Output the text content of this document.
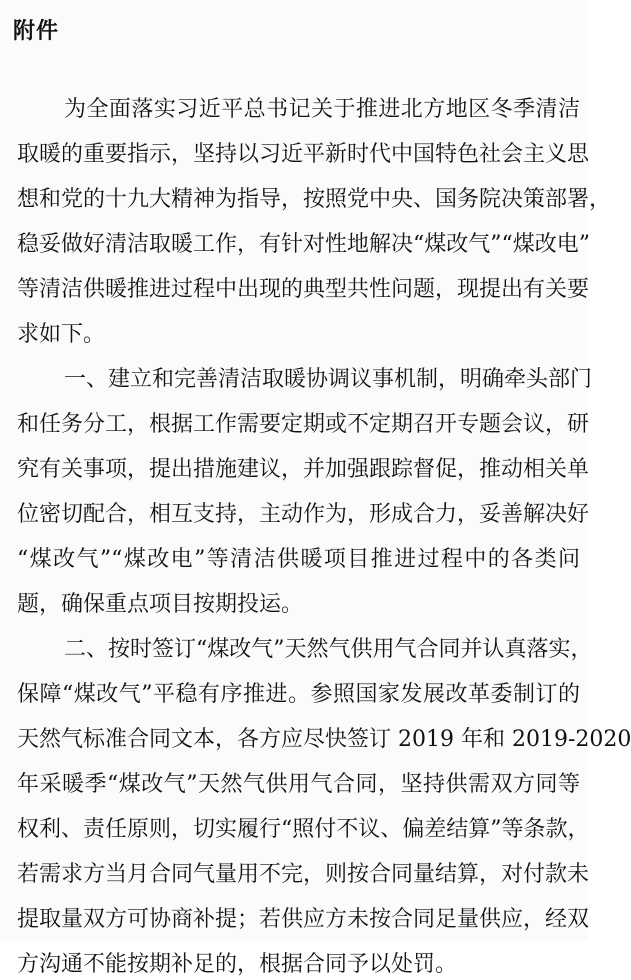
附件
为全面落实习近平总书记关于推进北方地区冬季清洁
取暖的重要指示，坚持以习近平新时代中国特色社会主义思
想和党的十九大精神为指导，按照党中央、国务院决策部署，
稳妥做好清洁取暖工作，有针对性地解决“煤改气”“煤改电”
等清洁供暖推进过程中出现的典型共性问题，现提出有关要
求如下。
一、建立和完善清洁取暖协调议事机制，明确牵头部门
和任务分工，根据工作需要定期或不定期召开专题会议，研
究有关事项，提出措施建议，并加强跟踪督促，推动相关单
位密切配合，相互支持，主动作为，形成合力，妥善解决好
“煤改气”“煤改电”等清洁供暖项目推进过程中的各类问
题，确保重点项目按期投运。
二、按时签订“煤改气”天然气供用气合同并认真落实，
保障“煤改气”平稳有序推进。参照国家发展改革委制订的
天然气标准合同文本，各方应尽快签订 2019 年和 2019-2020
年采暖季“煤改气”天然气供用气合同，坚持供需双方同等
权利、责任原则，切实履行“照付不议、偏差结算”等条款，
若需求方当月合同气量用不完，则按合同量结算，对付款未
提取量双方可协商补提；若供应方未按合同足量供应，经双
方沟通不能按期补足的，根据合同予以处罚。
